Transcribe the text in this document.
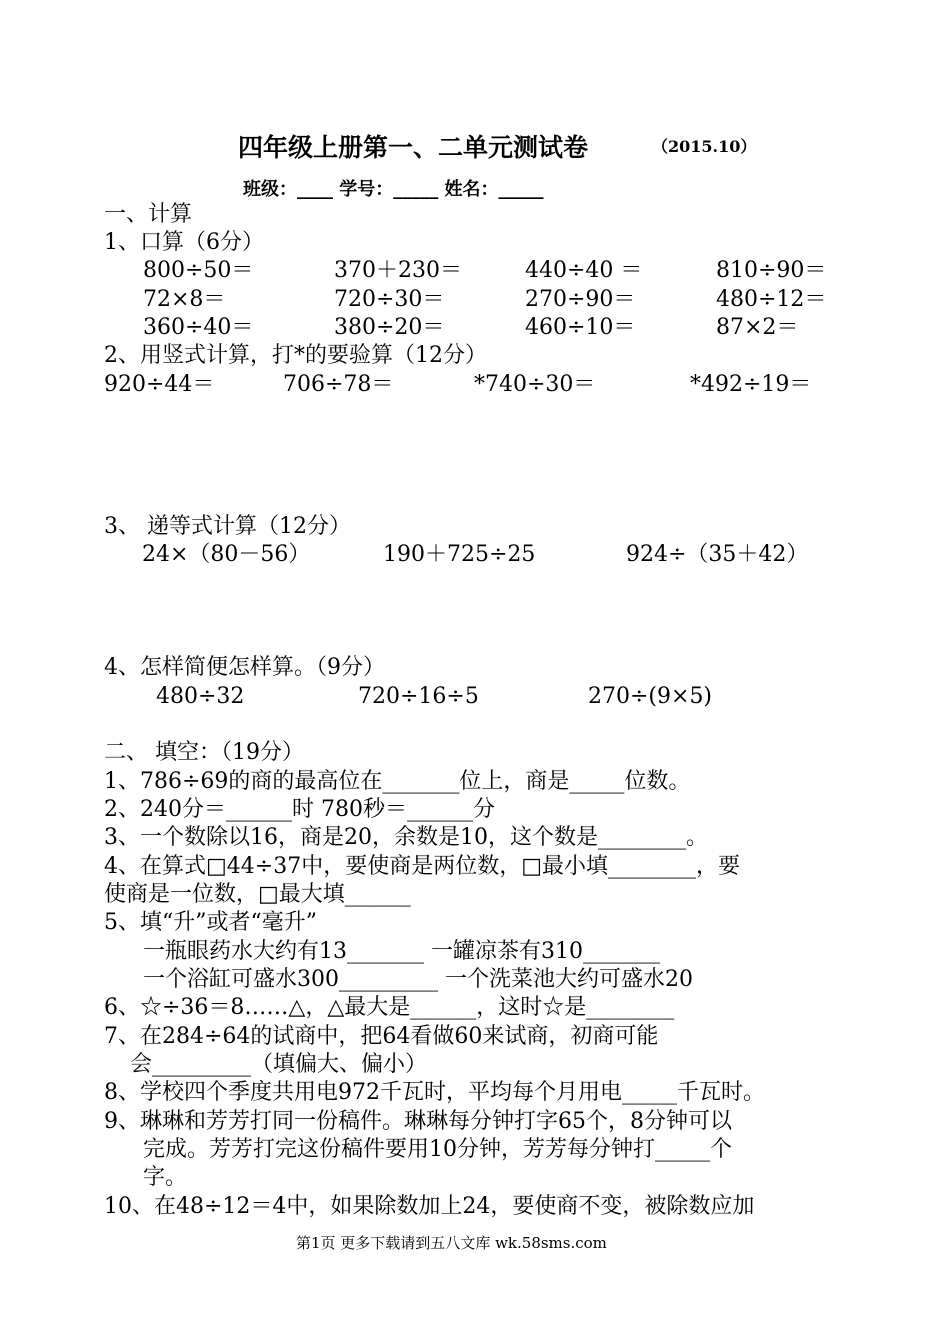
四年级上册第一、二单元测试卷	（2015.10）
班级：____ 学号：_____ 姓名：_____
一、计算
1、口算（6分）
800÷50＝	370＋230＝	440÷40 ＝	810÷90＝
72×8＝	720÷30＝	270÷90＝	480÷12＝
360÷40＝	380÷20＝	460÷10＝	87×2＝
2、用竖式计算，打*的要验算（12分）
920÷44＝	706÷78＝	*740÷30＝	*492÷19＝
3、 递等式计算（12分）
24×（80－56）	190＋725÷25	924÷（35＋42）
4、怎样简便怎样算。（9分）
480÷32	720÷16÷5	270÷(9×5)
二、 填空：（19分）
1、786÷69的商的最高位在_______位上，商是_____位数。
2、240分＝______时 780秒＝______分
3、一个数除以16，商是20，余数是10，这个数是________。
4、在算式□44÷37中，要使商是两位数，□最小填________，要
使商是一位数，□最大填______
5、填“升”或者“毫升”
一瓶眼药水大约有13_______ 一罐凉茶有310_______
一个浴缸可盛水300_________ 一个洗菜池大约可盛水20
6、☆÷36＝8……△，△最大是______，这时☆是________
7、在284÷64的试商中，把64看做60来试商，初商可能
会_________（填偏大、偏小）
8、学校四个季度共用电972千瓦时，平均每个月用电_____千瓦时。
9、琳琳和芳芳打同一份稿件。琳琳每分钟打字65个，8分钟可以
完成。芳芳打完这份稿件要用10分钟，芳芳每分钟打_____个
字。
10、在48÷12＝4中，如果除数加上24，要使商不变，被除数应加
第1页 更多下载请到五八文库 wk.58sms.com
